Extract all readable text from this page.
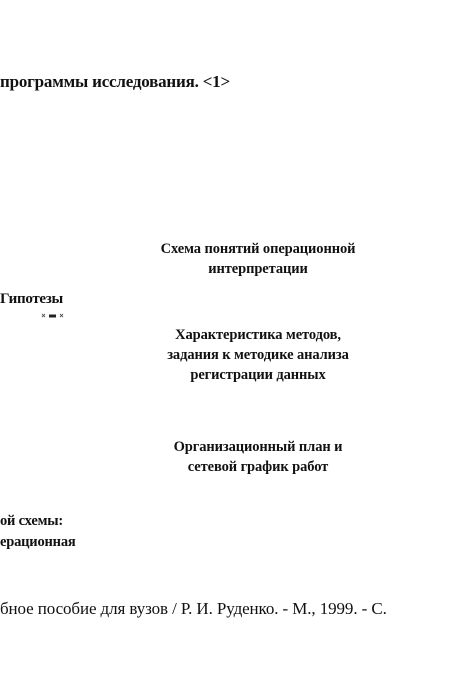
программы исследования. <1>
Гипотезы
Схема понятий операционной
интерпретации
Характеристика методов,
задания к методике анализа
регистрации данных
Организационный план и
сетевой график работ
ой схемы:
ерационная
бное пособие для вузов / Р. И. Руденко. - М., 1999. - С.
